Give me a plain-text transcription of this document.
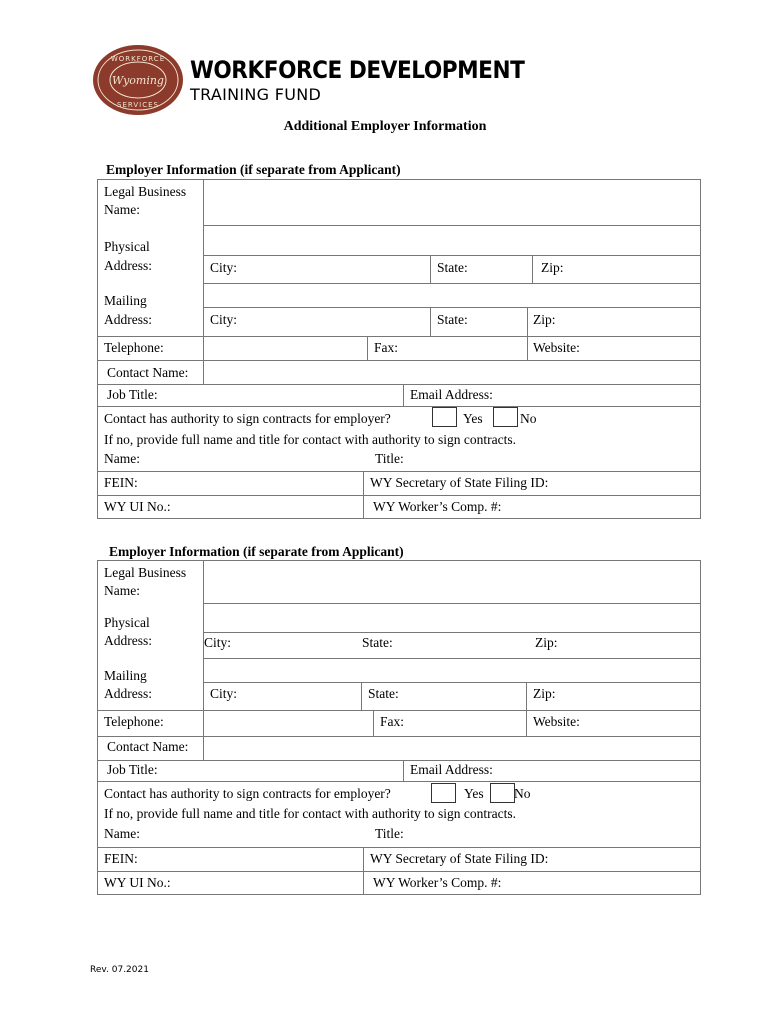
WORKFORCE
Wyoming
SERVICES
WORKFORCE DEVELOPMENT
TRAINING FUND
Additional Employer Information
Employer Information (if separate from Applicant)
Legal Business
Name:
Physical
Address:	City:	State:	Zip:
Mailing
Address:	City:	State:	Zip:
Telephone:	Fax:	Website:
Contact Name:
Job Title:	Email Address:
Contact has authority to sign contracts for employer?	Yes	No
If no, provide full name and title for contact with authority to sign contracts.
Name:	Title:
FEIN:	WY Secretary of State Filing ID:
WY UI No.:	WY Worker’s Comp. #:
Employer Information (if separate from Applicant)
Legal Business
Name:
Physical
Address:	City:	State:	Zip:
Mailing
Address:	City:	State:	Zip:
Telephone:	Fax:	Website:
Contact Name:
Job Title:	Email Address:
Contact has authority to sign contracts for employer?	Yes No
If no, provide full name and title for contact with authority to sign contracts.
Name:	Title:
FEIN:	WY Secretary of State Filing ID:
WY UI No.:	WY Worker’s Comp. #:
Rev. 07.2021
